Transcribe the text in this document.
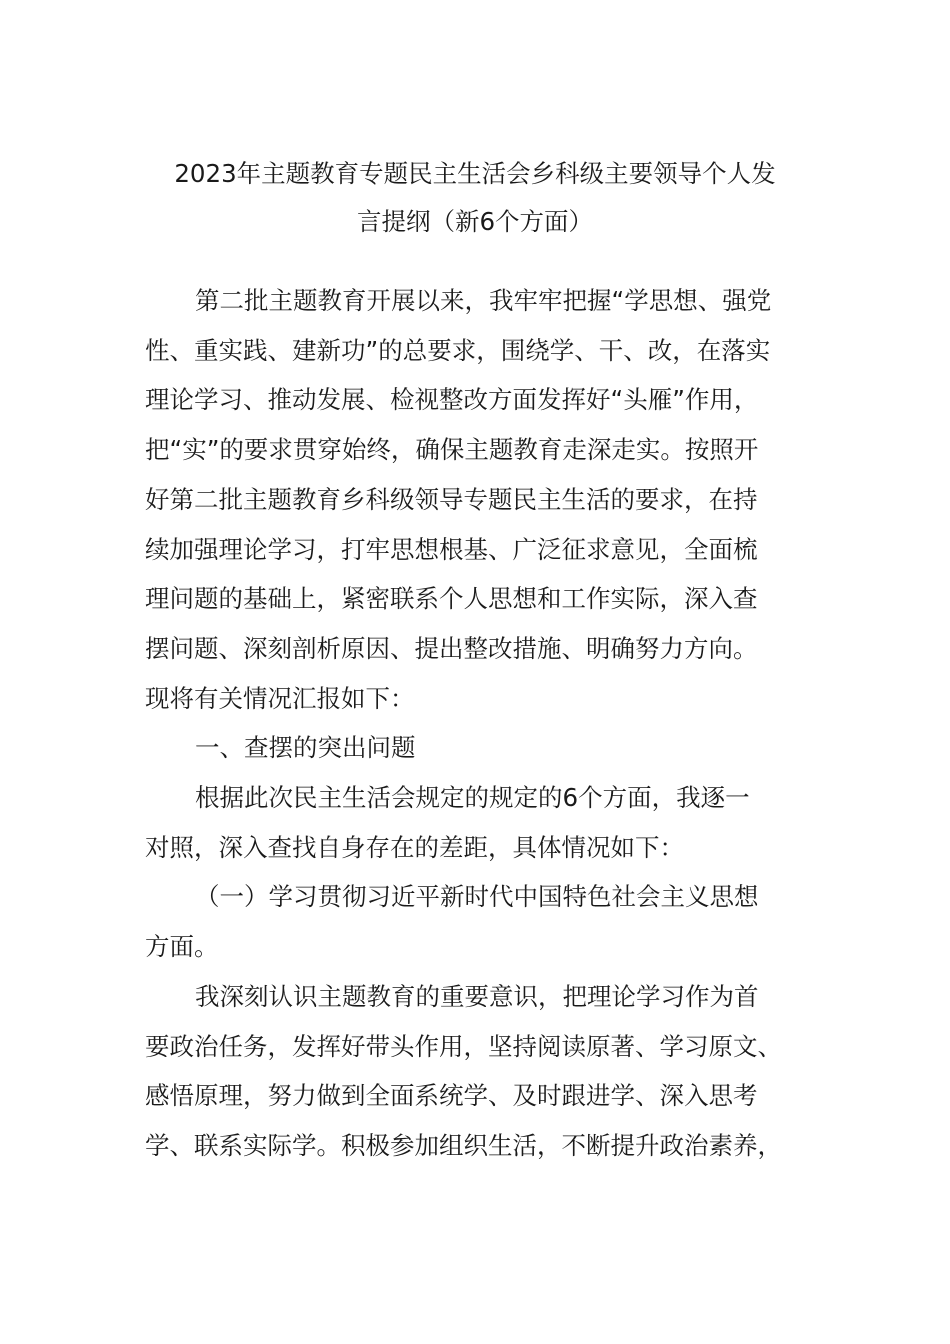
2023年主题教育专题民主生活会乡科级主要领导个人发
言提纲（新6个方面）
第二批主题教育开展以来，我牢牢把握“学思想、强党
性、重实践、建新功”的总要求，围绕学、干、改，在落实
理论学习、推动发展、检视整改方面发挥好“头雁”作用，
把“实”的要求贯穿始终，确保主题教育走深走实。按照开
好第二批主题教育乡科级领导专题民主生活的要求，在持
续加强理论学习，打牢思想根基、广泛征求意见，全面梳
理问题的基础上，紧密联系个人思想和工作实际，深入查
摆问题、深刻剖析原因、提出整改措施、明确努力方向。
现将有关情况汇报如下：
一、查摆的突出问题
根据此次民主生活会规定的规定的6个方面，我逐一
对照，深入查找自身存在的差距，具体情况如下：
（一）学习贯彻习近平新时代中国特色社会主义思想
方面。
我深刻认识主题教育的重要意识，把理论学习作为首
要政治任务，发挥好带头作用，坚持阅读原著、学习原文、
感悟原理，努力做到全面系统学、及时跟进学、深入思考
学、联系实际学。积极参加组织生活，不断提升政治素养，
